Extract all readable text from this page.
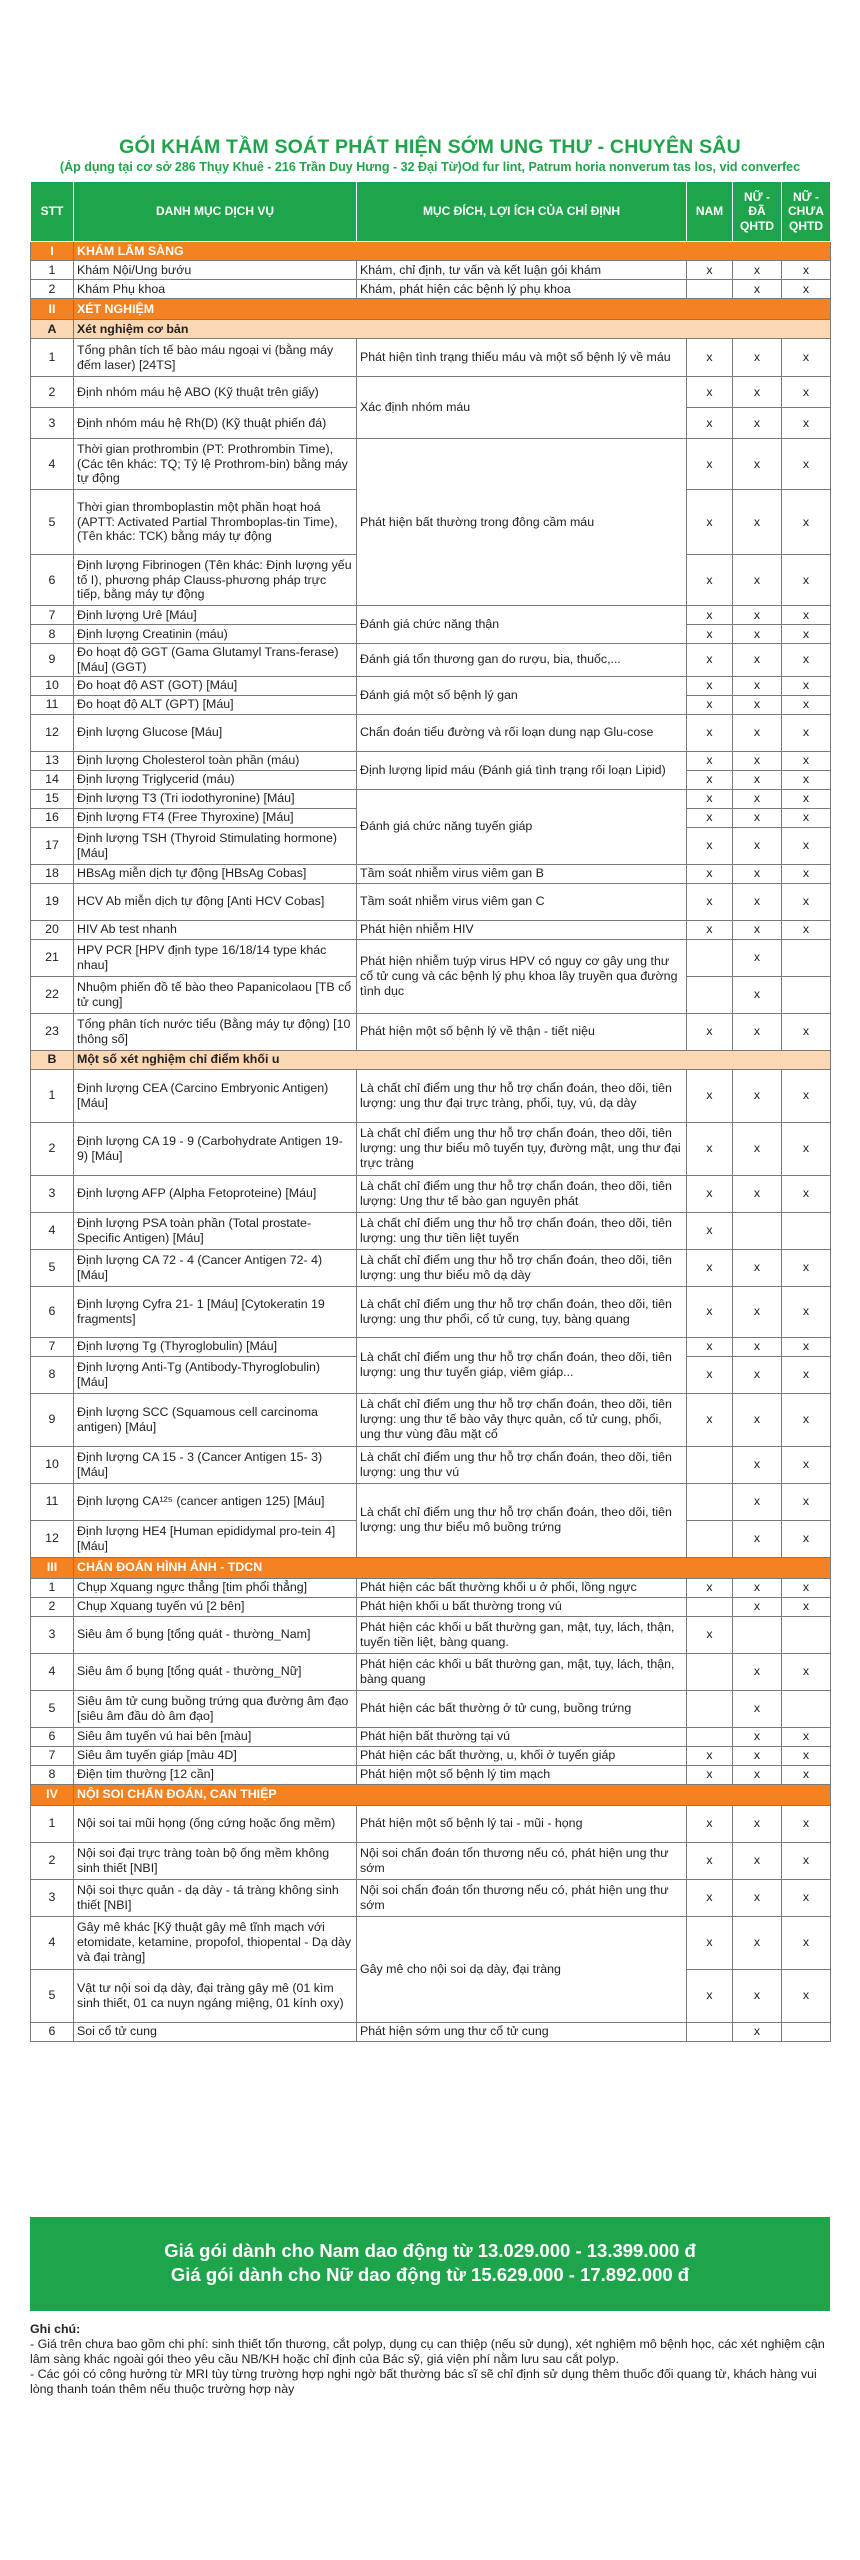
GÓI KHÁM TẦM SOÁT PHÁT HIỆN SỚM UNG THƯ - CHUYÊN SÂU
(Áp dụng tại cơ sở 286 Thụy Khuê - 216 Trần Duy Hưng - 32 Đại Từ)Od fur lint, Patrum horia nonverum tas los, vid converfec
STT	DANH MỤC DỊCH VỤ	MỤC ĐÍCH, LỢI ÍCH CỦA CHỈ ĐỊNH	NAM	NỮ - ĐÃ QHTD	NỮ - CHƯA QHTD
I	KHÁM LÂM SÀNG				
1	Khám Nội/Ung bướu	Khám, chỉ định, tư vấn và kết luận gói khám	x	x	x
2	Khám Phụ khoa	Khám, phát hiện các bệnh lý phụ khoa		x	x
II	XÉT NGHIỆM				
A	Xét nghiệm cơ bản				
1	Tổng phân tích tế bào máu ngoại vi (bằng máy đếm laser) [24TS]	Phát hiện tình trạng thiếu máu và một số bệnh lý về máu	x	x	x
2	Định nhóm máu hệ ABO (Kỹ thuật trên giấy)	Xác định nhóm máu	x	x	x
3	Định nhóm máu hệ Rh(D) (Kỹ thuật phiến đá)		x	x	x
4	Thời gian prothrombin (PT: Prothrombin Time), (Các tên khác: TQ; Tỷ lệ Prothrom-bin) bằng máy tự động	Phát hiện bất thường trong đông cầm máu	x	x	x
5	Thời gian thromboplastin một phần hoạt hoá (APTT: Activated Partial Thromboplas-tin Time), (Tên khác: TCK) bằng máy tự động		x	x	x
6	Định lượng Fibrinogen (Tên khác: Định lượng yếu tố I), phương pháp Clauss-phương pháp trực tiếp, bằng máy tự động		x	x	x
7	Định lượng Urê [Máu]	Đánh giá chức năng thận	x	x	x
8	Định lượng Creatinin (máu)		x	x	x
9	Đo hoạt độ GGT (Gama Glutamyl Trans-ferase) [Máu] (GGT)	Đánh giá tổn thương gan do rượu, bia, thuốc,...	x	x	x
10	Đo hoạt độ AST (GOT) [Máu]	Đánh giá một số bệnh lý gan	x	x	x
11	Đo hoạt độ ALT (GPT) [Máu]		x	x	x
12	Định lượng Glucose [Máu]	Chẩn đoán tiểu đường và rối loạn dung nạp Glu-cose	x	x	x
13	Định lượng Cholesterol toàn phần (máu)	Định lượng lipid máu (Đánh giá tình trạng rối loạn Lipid)	x	x	x
14	Định lượng Triglycerid (máu)		x	x	x
15	Định lượng T3 (Tri iodothyronine) [Máu]	Đánh giá chức năng tuyến giáp	x	x	x
16	Định lượng FT4 (Free Thyroxine) [Máu]		x	x	x
17	Định lượng TSH (Thyroid Stimulating hormone) [Máu]		x	x	x
18	HBsAg miễn dịch tự động [HBsAg Cobas]	Tầm soát nhiễm virus viêm gan B	x	x	x
19	HCV Ab miễn dịch tự động [Anti HCV Cobas]	Tầm soát nhiễm virus viêm gan C	x	x	x
20	HIV Ab test nhanh	Phát hiện nhiễm HIV	x	x	x
21	HPV PCR [HPV định type 16/18/14 type khác nhau]	Phát hiện nhiễm tuýp virus HPV có nguy cơ gây ung thư cổ tử cung và các bệnh lý phụ khoa lây truyền qua đường tình dục		x	
22	Nhuộm phiến đồ tế bào theo Papanicolaou [TB cổ tử cung]			x	
23	Tổng phân tích nước tiểu (Bằng máy tự động) [10 thông số]	Phát hiện một số bệnh lý về thận - tiết niệu	x	x	x
B	Một số xét nghiệm chỉ điểm khối u				
1	Định lượng CEA (Carcino Embryonic Antigen) [Máu]	Là chất chỉ điểm ung thư hỗ trợ chẩn đoán, theo dõi, tiên lượng: ung thư đại trực tràng, phổi, tụy, vú, dạ dày	x	x	x
2	Định lượng CA 19 - 9 (Carbohydrate Antigen 19-9) [Máu]	Là chất chỉ điểm ung thư hỗ trợ chẩn đoán, theo dõi, tiên lượng: ung thư biểu mô tuyến tụy, đường mật, ung thư đại trực tràng	x	x	x
3	Định lượng AFP (Alpha Fetoproteine) [Máu]	Là chất chỉ điểm ung thư hỗ trợ chẩn đoán, theo dõi, tiên lượng: Ung thư tế bào gan nguyên phát	x	x	x
4	Định lượng PSA toàn phần (Total prostate-Specific Antigen) [Máu]	Là chất chỉ điểm ung thư hỗ trợ chẩn đoán, theo dõi, tiên lượng: ung thư tiền liệt tuyến	x		
5	Định lượng CA 72 - 4 (Cancer Antigen 72- 4) [Máu]	Là chất chỉ điểm ung thư hỗ trợ chẩn đoán, theo dõi, tiên lượng: ung thư biểu mô dạ dày	x	x	x
6	Định lượng Cyfra 21- 1 [Máu] [Cytokeratin 19 fragments]	Là chất chỉ điểm ung thư hỗ trợ chẩn đoán, theo dõi, tiên lượng: ung thư phổi, cổ tử cung, tụy, bàng quang	x	x	x
7	Định lượng Tg (Thyroglobulin) [Máu]	Là chất chỉ điểm ung thư hỗ trợ chẩn đoán, theo dõi, tiên lượng: ung thư tuyến giáp, viêm giáp...	x	x	x
8	Định lượng Anti-Tg (Antibody-Thyroglobulin) [Máu]		x	x	x
9	Định lượng SCC (Squamous cell carcinoma antigen) [Máu]	Là chất chỉ điểm ung thư hỗ trợ chẩn đoán, theo dõi, tiên lượng: ung thư tế bào vảy thực quản, cổ tử cung, phổi, ung thư vùng đầu mặt cổ	x	x	x
10	Định lượng CA 15 - 3 (Cancer Antigen 15- 3) [Máu]	Là chất chỉ điểm ung thư hỗ trợ chẩn đoán, theo dõi, tiên lượng: ung thư vú		x	x
11	Định lượng CA¹²⁵ (cancer antigen 125) [Máu]	Là chất chỉ điểm ung thư hỗ trợ chẩn đoán, theo dõi, tiên lượng: ung thư biểu mô buồng trứng		x	x
12	Định lượng HE4 [Human epididymal pro-tein 4] [Máu]			x	x
III	CHẨN ĐOÁN HÌNH ẢNH - TDCN				
1	Chụp Xquang ngực thẳng [tim phổi thẳng]	Phát hiện các bất thường khối u ở phổi, lồng ngực	x	x	x
2	Chụp Xquang tuyến vú [2 bên]	Phát hiện khối u bất thường trong vú		x	x
3	Siêu âm ổ bụng [tổng quát - thường_Nam]	Phát hiện các khối u bất thường gan, mật, tụy, lách, thận, tuyến tiền liệt, bàng quang.	x		
4	Siêu âm ổ bụng [tổng quát - thường_Nữ]	Phát hiện các khối u bất thường gan, mật, tụy, lách, thận, bàng quang		x	x
5	Siêu âm tử cung buồng trứng qua đường âm đạo [siêu âm đầu dò âm đạo]	Phát hiện các bất thường ở tử cung, buồng trứng		x	
6	Siêu âm tuyến vú hai bên [màu]	Phát hiện bất thường tại vú		x	x
7	Siêu âm tuyến giáp [màu 4D]	Phát hiện các bất thường, u, khối ở tuyến giáp	x	x	x
8	Điện tim thường [12 cần]	Phát hiện một số bệnh lý tim mạch	x	x	x
IV	NỘI SOI CHẨN ĐOÁN, CAN THIỆP				
1	Nội soi tai mũi họng (ống cứng hoặc ống mềm)	Phát hiện một số bệnh lý tai - mũi - họng	x	x	x
2	Nội soi đại trực tràng toàn bộ ống mềm không sinh thiết [NBI]	Nội soi chẩn đoán tổn thương nếu có, phát hiện ung thư sớm	x	x	x
3	Nội soi thực quản - dạ dày - tá tràng không sinh thiết [NBI]	Nội soi chẩn đoán tổn thương nếu có, phát hiện ung thư sớm	x	x	x
4	Gây mê khác [Kỹ thuật gây mê tĩnh mạch với etomidate, ketamine, propofol, thiopental - Dạ dày và đại tràng]	Gây mê cho nội soi dạ dày, đại tràng	x	x	x
5	Vật tư nội soi dạ dày, đại tràng gây mê (01 kìm sinh thiết, 01 ca nuyn ngáng miệng, 01 kính oxy)		x	x	x
6	Soi cổ tử cung	Phát hiện sớm ung thư cổ tử cung		x	
Giá gói dành cho Nam dao động từ 13.029.000 - 13.399.000 đ
Giá gói dành cho Nữ dao động từ 15.629.000 - 17.892.000 đ
Ghi chú:
- Giá trên chưa bao gồm chi phí: sinh thiết tổn thương, cắt polyp, dụng cụ can thiệp (nếu sử dụng), xét nghiệm mô bệnh học, các xét nghiệm cận lâm sàng khác ngoài gói theo yêu cầu NB/KH hoặc chỉ định của Bác sỹ, giá viện phí nằm lưu sau cắt polyp.
- Các gói có công hưởng từ MRI tùy từng trường hợp nghi ngờ bất thường bác sĩ sẽ chỉ định sử dụng thêm thuốc đối quang từ, khách hàng vui lòng thanh toán thêm nếu thuộc trường hợp này
